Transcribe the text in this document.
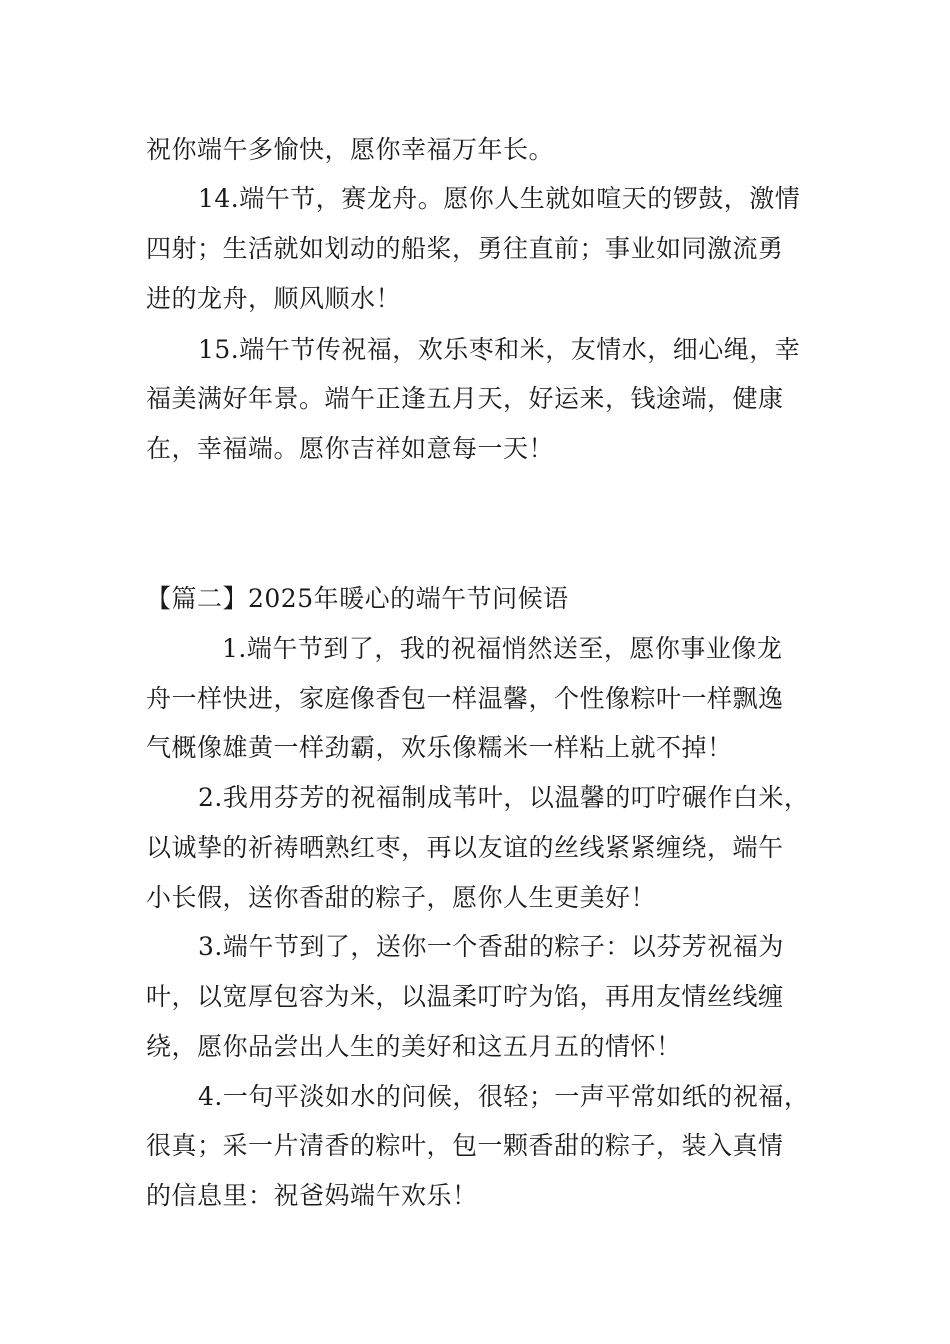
祝你端午多愉快，愿你幸福万年长。
14.端午节，赛龙舟。愿你人生就如喧天的锣鼓，激情
四射；生活就如划动的船桨，勇往直前；事业如同激流勇
进的龙舟，顺风顺水！
15.端午节传祝福，欢乐枣和米，友情水，细心绳，幸
福美满好年景。端午正逢五月天，好运来，钱途端，健康
在，幸福端。愿你吉祥如意每一天！
【篇二】2025年暖心的端午节问候语
1.端午节到了，我的祝福悄然送至，愿你事业像龙
舟一样快进，家庭像香包一样温馨，个性像粽叶一样飘逸
气概像雄黄一样劲霸，欢乐像糯米一样粘上就不掉！
2.我用芬芳的祝福制成苇叶，以温馨的叮咛碾作白米，
以诚挚的祈祷晒熟红枣，再以友谊的丝线紧紧缠绕，端午
小长假，送你香甜的粽子，愿你人生更美好！
3.端午节到了，送你一个香甜的粽子：以芬芳祝福为
叶，以宽厚包容为米，以温柔叮咛为馅，再用友情丝线缠
绕，愿你品尝出人生的美好和这五月五的情怀！
4.一句平淡如水的问候，很轻；一声平常如纸的祝福，
很真；采一片清香的粽叶，包一颗香甜的粽子，装入真情
的信息里：祝爸妈端午欢乐！
